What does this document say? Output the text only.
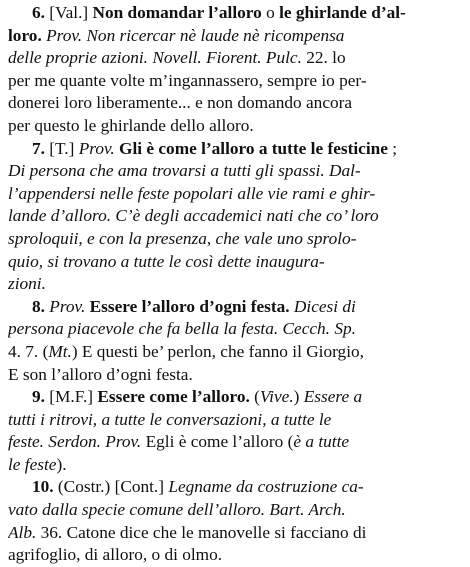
6. [Val.] Non domandar l’alloro o le ghirlande d’al-
loro. Prov. Non ricercar nè laude nè ricompensa
delle proprie azioni. Novell. Fiorent. Pulc. 22. lo
per me quante volte m’ingannassero, sempre io per-
donerei loro liberamente... e non domando ancora
per questo le ghirlande dello alloro.
7. [T.] Prov. Gli è come l’alloro a tutte le festicine ;
Di persona che ama trovarsi a tutti gli spassi. Dal-
l’appendersi nelle feste popolari alle vie rami e ghir-
lande d’alloro. C’è degli accademici nati che co’ loro
sproloquii, e con la presenza, che vale uno sprolo-
quio, si trovano a tutte le così dette inaugura-
zioni.
8. Prov. Essere l’alloro d’ogni festa. Dicesi di
persona piacevole che fa bella la festa. Cecch. Sp.
4. 7. (Mt.) E questi be’ perlon, che fanno il Giorgio,
E son l’alloro d’ogni festa.
9. [M.F.] Essere come l’alloro. (Vive.) Essere a
tutti i ritrovi, a tutte le conversazioni, a tutte le
feste. Serdon. Prov. Egli è come l’alloro (è a tutte
le feste).
10. (Costr.) [Cont.] Legname da costruzione ca-
vato dalla specie comune dell’alloro. Bart. Arch.
Alb. 36. Catone dice che le manovelle si facciano di
agrifoglio, di alloro, o di olmo.
